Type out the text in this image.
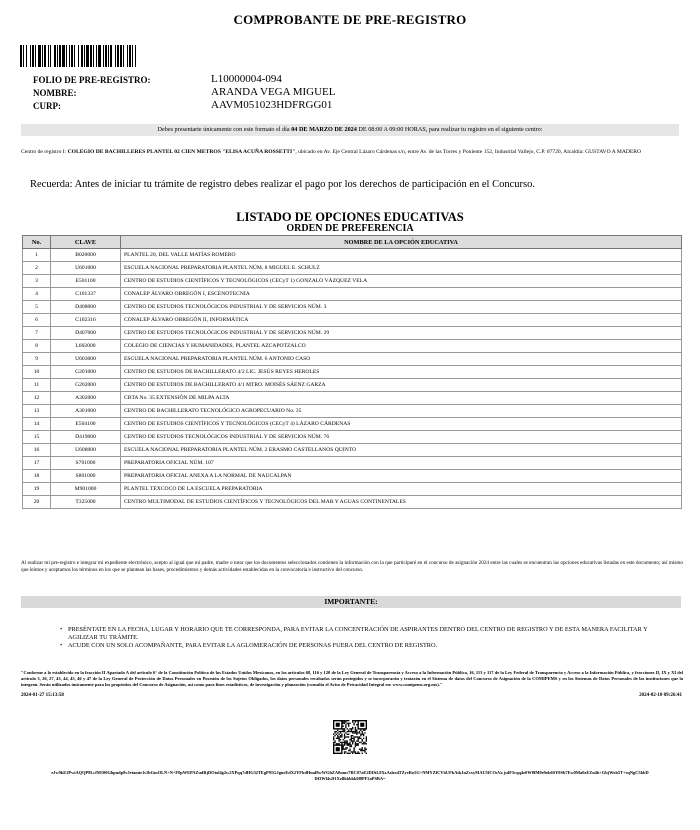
COMPROBANTE DE PRE-REGISTRO
FOLIO DE PRE-REGISTRO:	L10000004-094
NOMBRE:	ARANDA VEGA MIGUEL
CURP:	AAVM051023HDFRGG01
Debes presentarte únicamente con este formato el día 04 DE MARZO DE 2024 DE 08:00 A 09:00 HORAS, para realizar tu registro en el siguiente centro:
Centro de registro I: COLEGIO DE BACHILLERES PLANTEL 02 CIEN METROS "ELISA ACUÑA ROSSETTI", ubicado en Av. Eje Central Lázaro Cárdenas s/n, entre Av. de las Torres y Poniente 152, Industrial Vallejo, C.P. 07720, Alcaldía: GUSTAVO A MADERO
Recuerda: Antes de iniciar tu trámite de registro debes realizar el pago por los derechos de participación en el Concurso.
LISTADO DE OPCIONES EDUCATIVAS
ORDEN DE PREFERENCIA
No.	CLAVE	NOMBRE DE LA OPCIÓN EDUCATIVA
1	B020000	PLANTEL 20, DEL VALLE MATÍAS ROMERO
2	U601000	ESCUELA NACIONAL PREPARATORIA PLANTEL NÚM. 8 MIGUEL E. SCHULZ
3	E501100	CENTRO DE ESTUDIOS CIENTÍFICOS Y TECNOLÓGICOS (CECyT 1) GONZALO VÁZQUEZ VELA
4	C101337	CONALEP ÁLVARO OBREGÓN I, ESCENOTECNIA
5	D408000	CENTRO DE ESTUDIOS TECNOLÓGICOS INDUSTRIAL Y DE SERVICIOS NÚM. 3
6	C102316	CONALEP ÁLVARO OBREGÓN II, INFORMÁTICA
7	D407000	CENTRO DE ESTUDIOS TECNOLÓGICOS INDUSTRIAL Y DE SERVICIOS NÚM. 29
8	L602000	COLEGIO DE CIENCIAS Y HUMANIDADES, PLANTEL AZCAPOTZALCO
9	U603000	ESCUELA NACIONAL PREPARATORIA PLANTEL NÚM. 6 ANTONIO CASO
10	G201000	CENTRO DE ESTUDIOS DE BACHILLERATO 4/2 LIC. JESÚS REYES HEROLES
11	G202000	CENTRO DE ESTUDIOS DE BACHILLERATO 4/1 MTRO. MOISÉS SÁENZ GARZA
12	A302000	CBTA No. 35 EXTENSIÓN DE MILPA ALTA
13	A301000	CENTRO DE BACHILLERATO TECNOLÓGICO AGROPECUARIO No. 35
14	E504100	CENTRO DE ESTUDIOS CIENTÍFICOS Y TECNOLÓGICOS (CECyT 4) LÁZARO CÁRDENAS
15	D419000	CENTRO DE ESTUDIOS TECNOLÓGICOS INDUSTRIAL Y DE SERVICIOS NÚM. 76
16	U608000	ESCUELA NACIONAL PREPARATORIA PLANTEL NÚM. 2 ERASMO CASTELLANOS QUINTO
17	S701000	PREPARATORIA OFICIAL NÚM. 107
18	S801000	PREPARATORIA OFICIAL ANEXA A LA NORMAL DE NAUCALPAN
19	M901000	PLANTEL TEXCOCO DE LA ESCUELA PREPARATORIA
20	T325000	CENTRO MULTIMODAL DE ESTUDIOS CIENTÍFICOS Y TECNOLÓGICOS DEL MAR Y AGUAS CONTINENTALES
Al realizar mi pre-registro e integrar mi expediente electrónico, acepto al igual que mi padre, madre o tutor que los documentos seleccionados contienen la información con la que participaré en el concurso de asignación 2024 entre las cuales se encuentran las opciones educativas listadas en este documento; así mismo que leímos y aceptamos los términos en los que se plantean las bases, procedimientos y demás actividades establecidas en la convocatoria e instructivo del concurso.
IMPORTANTE:
• PRESÉNTATE EN LA FECHA, LUGAR Y HORARIO QUE TE CORRESPONDA, PARA EVITAR LA CONCENTRACIÓN DE ASPIRANTES DENTRO DEL CENTRO DE REGISTRO Y DE ESTA MANERA FACILITAR Y AGILIZAR TU TRÁMITE.
• ACUDE CON UN SOLO ACOMPAÑANTE, PARA EVITAR LA AGLOMERACIÓN DE PERSONAS FUERA DEL CENTRO DE REGISTRO.
"Conforme a lo establecido en la fracción II Apartado A del artículo 6° de la Constitución Política de los Estados Unidos Mexicanos, en los artículos 68, 116 y 120 de la Ley General de Transparencia y Acceso a la Información Pública, 16, 113 y 117 de la Ley Federal de Transparencia y Acceso a la Información Pública, y fracciones II, IX y XI del artículo 3, 26, 27, 43, 44, 45, 46 y 47 de la Ley General de Protección de Datos Personales en Posesión de los Sujetos Obligados, los datos personales recabados serán protegidos y se incorporarán y tratarán en el Sistema de datos del Concurso de Asignación de la COMIPEMS y en los Sistemas de Datos Personales de las instituciones que la integran. Serán utilizados únicamente para los propósitos del Concurso de Asignación, así como para fines estadísticos, de investigación y planeación (consulta el Aviso de Privacidad Integral en: www.comipems.org.mx)."
2024-01-27 15:13:58	2024-02-10 09:26:41
eJw9kE2PwiAQQP9LcfM100Ghpudp8vJetamie1s1bGmOLN+N+F0pWEPAZudRjDOtol4g2w2XPqq7dHG32TEgP91GJgueEdX2YFbdHmd8wWGhZA0umr7RC07aE2DDtL8XzAslzsdTZyeRo5G+NMYZfCVbUFbAtkJnZcxyMAU5fCOsVa jsdF5cqq4e0W8fM0e9ob6SY0Sb7Ew0Ma0zEZn4b+GbjWob5T+rqNgC5kbDDf3Wl4s2f1Xzllkbbkk0l8PF2aPSBA=
